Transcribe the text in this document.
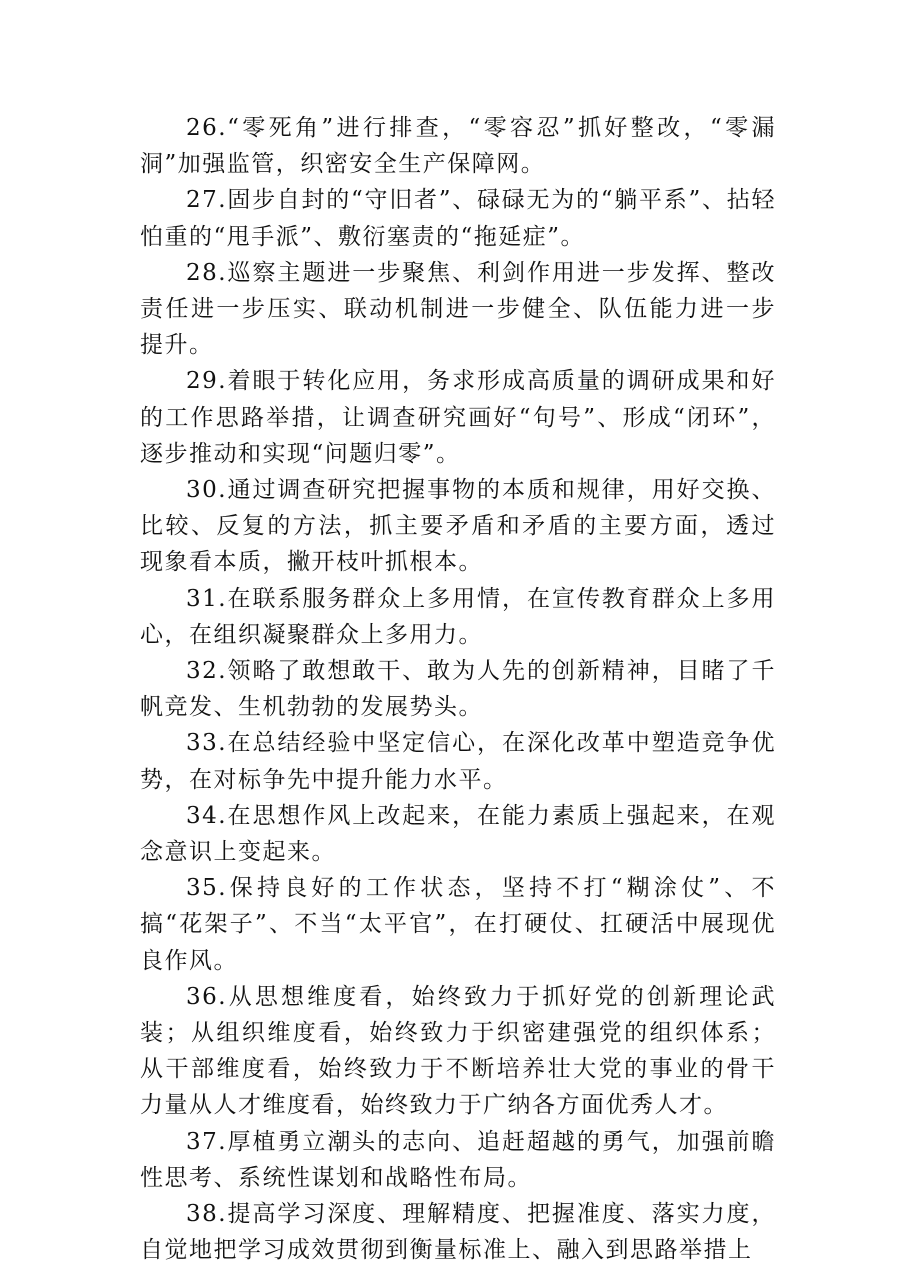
26.“零死角”进行排查，“零容忍”抓好整改，“零漏洞”加强监管，织密安全生产保障网。

27.固步自封的“守旧者”、碌碌无为的“躺平系”、拈轻怕重的“甩手派”、敷衍塞责的“拖延症”。

28.巡察主题进一步聚焦、利剑作用进一步发挥、整改责任进一步压实、联动机制进一步健全、队伍能力进一步提升。

29.着眼于转化应用，务求形成高质量的调研成果和好的工作思路举措，让调查研究画好“句号”、形成“闭环”，逐步推动和实现“问题归零”。

30.通过调查研究把握事物的本质和规律，用好交换、比较、反复的方法，抓主要矛盾和矛盾的主要方面，透过现象看本质，撇开枝叶抓根本。

31.在联系服务群众上多用情，在宣传教育群众上多用心，在组织凝聚群众上多用力。

32.领略了敢想敢干、敢为人先的创新精神，目睹了千帆竞发、生机勃勃的发展势头。

33.在总结经验中坚定信心，在深化改革中塑造竞争优势，在对标争先中提升能力水平。

34.在思想作风上改起来，在能力素质上强起来，在观念意识上变起来。

35.保持良好的工作状态，坚持不打“糊涂仗”、不搞“花架子”、不当“太平官”，在打硬仗、扛硬活中展现优良作风。

36.从思想维度看，始终致力于抓好党的创新理论武装；从组织维度看，始终致力于织密建强党的组织体系；从干部维度看，始终致力于不断培养壮大党的事业的骨干力量从人才维度看，始终致力于广纳各方面优秀人才。

37.厚植勇立潮头的志向、追赶超越的勇气，加强前瞻性思考、系统性谋划和战略性布局。

38.提高学习深度、理解精度、把握准度、落实力度，自觉地把学习成效贯彻到衡量标准上、融入到思路举措上
